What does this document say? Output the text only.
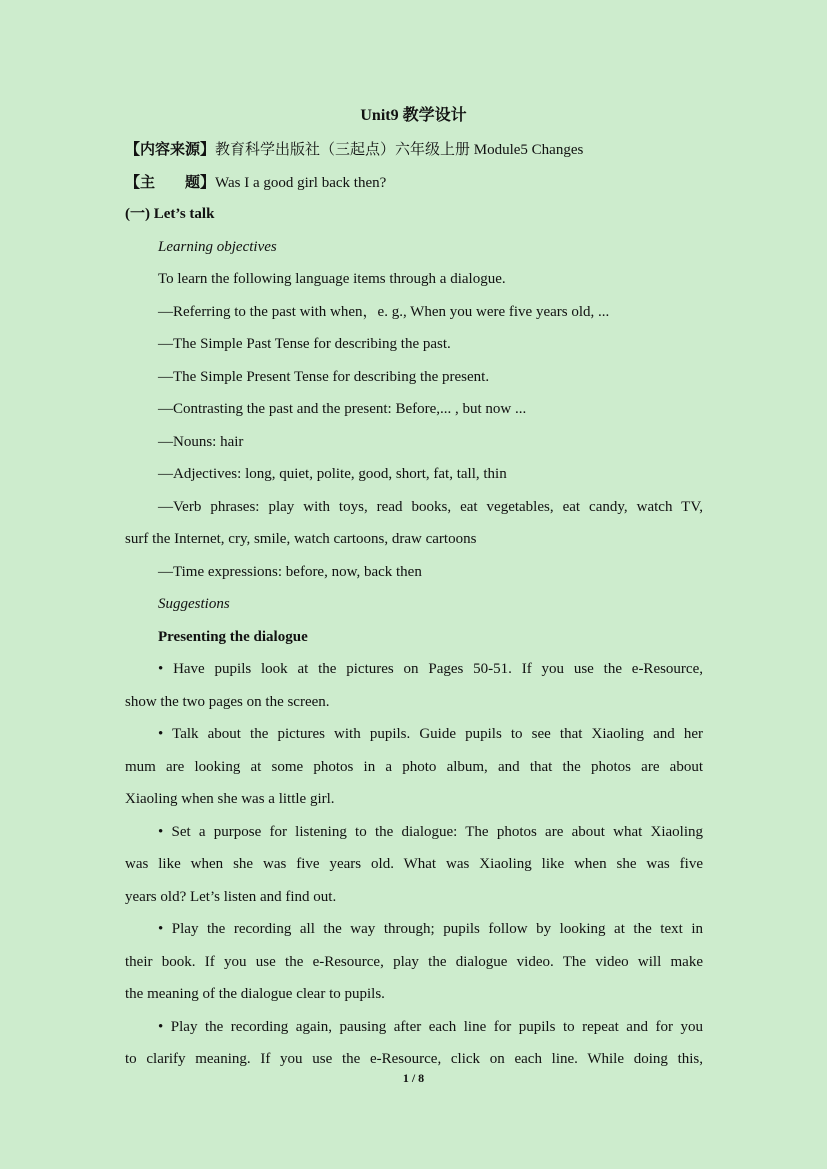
Unit9 教学设计
【内容来源】教育科学出版社（三起点）六年级上册 Module5 Changes
【主 题】Was I a good girl back then?
(一) Let’s talk
Learning objectives
To learn the following language items through a dialogue.
—Referring to the past with when，e. g., When you were five years old, ...
—The Simple Past Tense for describing the past.
—The Simple Present Tense for describing the present.
—Contrasting the past and the present: Before,... , but now ...
—Nouns: hair
—Adjectives: long, quiet, polite, good, short, fat, tall, thin
—Verb phrases: play with toys, read books, eat vegetables, eat candy, watch TV,
surf the Internet, cry, smile, watch cartoons, draw cartoons
—Time expressions: before, now, back then
Suggestions
Presenting the dialogue
• Have pupils look at the pictures on Pages 50-51. If you use the e-Resource,
show the two pages on the screen.
• Talk about the pictures with pupils. Guide pupils to see that Xiaoling and her
mum are looking at some photos in a photo album, and that the photos are about
Xiaoling when she was a little girl.
• Set a purpose for listening to the dialogue: The photos are about what Xiaoling
was like when she was five years old. What was Xiaoling like when she was five
years old? Let’s listen and find out.
• Play the recording all the way through; pupils follow by looking at the text in
their book. If you use the e-Resource, play the dialogue video. The video will make
the meaning of the dialogue clear to pupils.
• Play the recording again, pausing after each line for pupils to repeat and for you
to clarify meaning. If you use the e-Resource, click on each line. While doing this,
1 / 8
